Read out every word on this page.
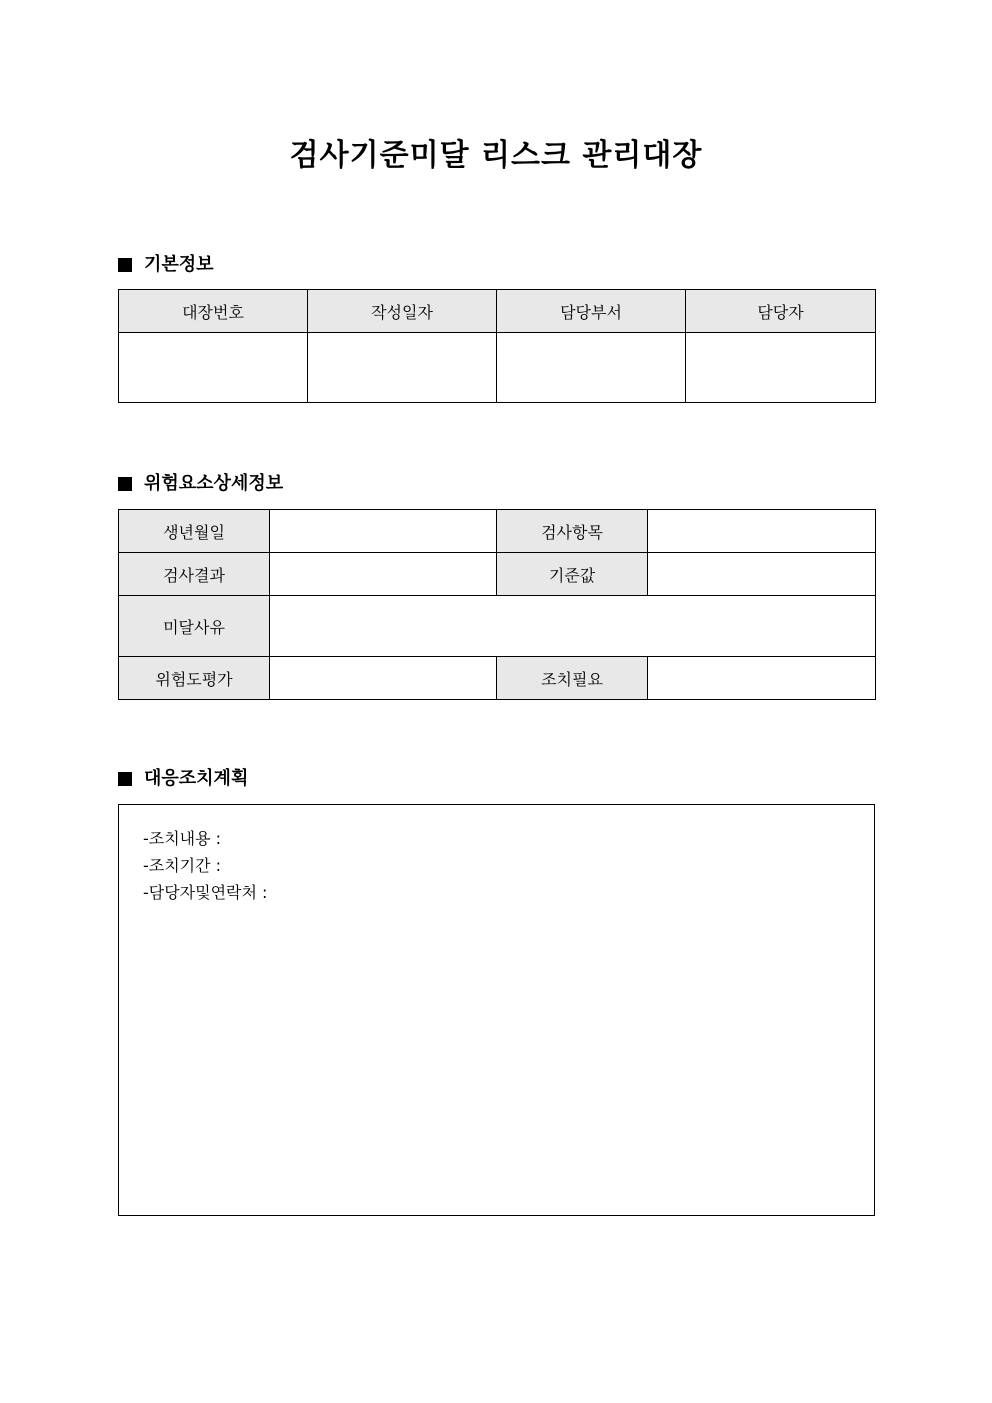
검사기준미달 리스크 관리대장
기본정보
대장번호	작성일자	담당부서	담당자

위험요소상세정보
생년월일		검사항목	
검사결과		기준값	
미달사유			
위험도평가		조치필요	
대응조치계획
-조치내용 :
-조치기간 :
-담당자및연락처 :
